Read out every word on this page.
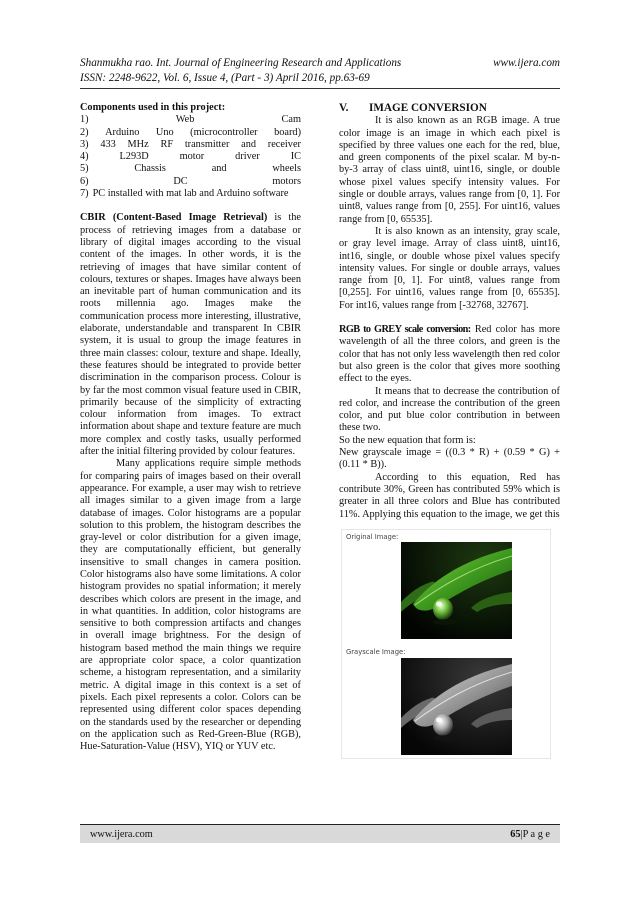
Shanmukha rao. Int. Journal of Engineering Research and Applications	www.ijera.com
ISSN: 2248-9622, Vol. 6, Issue 4, (Part - 3) April 2016, pp.63-69

Components used in this project:

1)	Web	Cam
2) Arduino Uno (microcontroller board)
3) 433 MHz RF transmitter and receiver
4)	L293D	motor	driver	IC
5)	Chassis	and	wheels
6)	DC	motors
7) PC installed with mat lab and Arduino software

CBIR (Content-Based Image Retrieval) is the process of retrieving images from a database or library of digital images according to the visual content of the images. In other words, it is the retrieving of images that have similar content of colours, textures or shapes. Images have always been an inevitable part of human communication and its roots millennia ago. Images make the communication process more interesting, illustrative, elaborate, understandable and transparent In CBIR system, it is usual to group the image features in three main classes: colour, texture and shape. Ideally, these features should be integrated to provide better discrimination in the comparison process. Colour is by far the most common visual feature used in CBIR, primarily because of the simplicity of extracting colour information from images. To extract information about shape and texture feature are much more complex and costly tasks, usually performed after the initial filtering provided by colour features.

Many applications require simple methods for comparing pairs of images based on their overall appearance. For example, a user may wish to retrieve all images similar to a given image from a large database of images. Color histograms are a popular solution to this problem, the histogram describes the gray-level or color distribution for a given image, they are computationally efficient, but generally insensitive to small changes in camera position. Color histograms also have some limitations. A color histogram provides no spatial information; it merely describes which colors are present in the image, and in what quantities. In addition, color histograms are sensitive to both compression artifacts and changes in overall image brightness. For the design of histogram based method the main things we require are appropriate color space, a color quantization scheme, a histogram representation, and a similarity metric. A digital image in this context is a set of pixels. Each pixel represents a color. Colors can be represented using different color spaces depending on the standards used by the researcher or depending on the application such as Red-Green-Blue (RGB), Hue-Saturation-Value (HSV), YIQ or YUV etc.

V.	IMAGE CONVERSION

It is also known as an RGB image. A true color image is an image in which each pixel is specified by three values one each for the red, blue, and green components of the pixel scalar. M by-n-by-3 array of class uint8, uint16, single, or double whose pixel values specify intensity values. For single or double arrays, values range from [0, 1]. For uint8, values range from [0, 255]. For uint16, values range from [0, 65535].

It is also known as an intensity, gray scale, or gray level image. Array of class uint8, uint16, int16, single, or double whose pixel values specify intensity values. For single or double arrays, values range from [0, 1]. For uint8, values range from [0,255]. For uint16, values range from [0, 65535]. For int16, values range from [-32768, 32767].

RGB to GREY scale conversion: Red color has more wavelength of all the three colors, and green is the color that has not only less wavelength then red color but also green is the color that gives more soothing effect to the eyes.

It means that to decrease the contribution of red color, and increase the contribution of the green color, and put blue color contribution in between these two.

So the new equation that form is:

New grayscale image = ((0.3 * R) + (0.59 * G) + (0.11 * B)).

According to this equation, Red has contribute 30%, Green has contributed 59% which is greater in all three colors and Blue has contributed 11%. Applying this equation to the image, we get this

Original Image:
Grayscale Image:
www.ijera.com	65|P a g e
